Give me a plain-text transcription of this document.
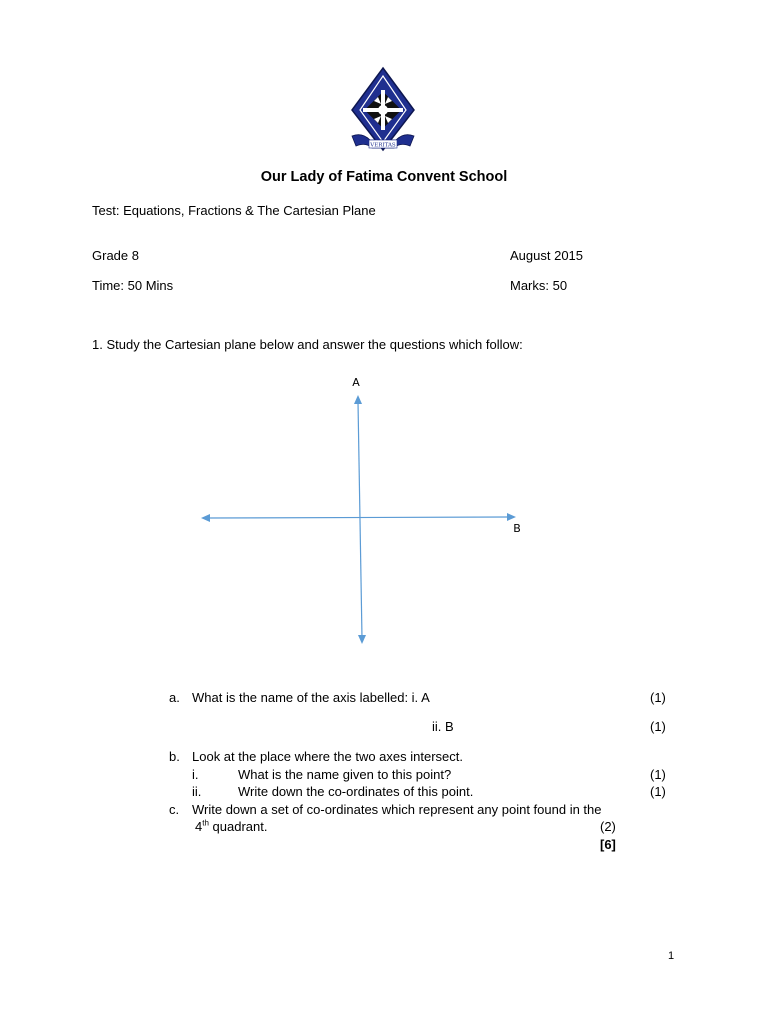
VERITAS
Our Lady of Fatima Convent School
Test: Equations, Fractions & The Cartesian Plane
Grade 8	August 2015
Time: 50 Mins	Marks: 50
1. Study the Cartesian plane below and answer the questions which follow:
A
B
a. What is the name of the axis labelled: i. A	(1)
ii. B	(1)
b. Look at the place where the two axes intersect.
i.	What is the name given to this point?	(1)
ii.	Write down the co-ordinates of this point.	(1)
c. Write down a set of co-ordinates which represent any point found in the
4th quadrant.	(2)
[6]
1
